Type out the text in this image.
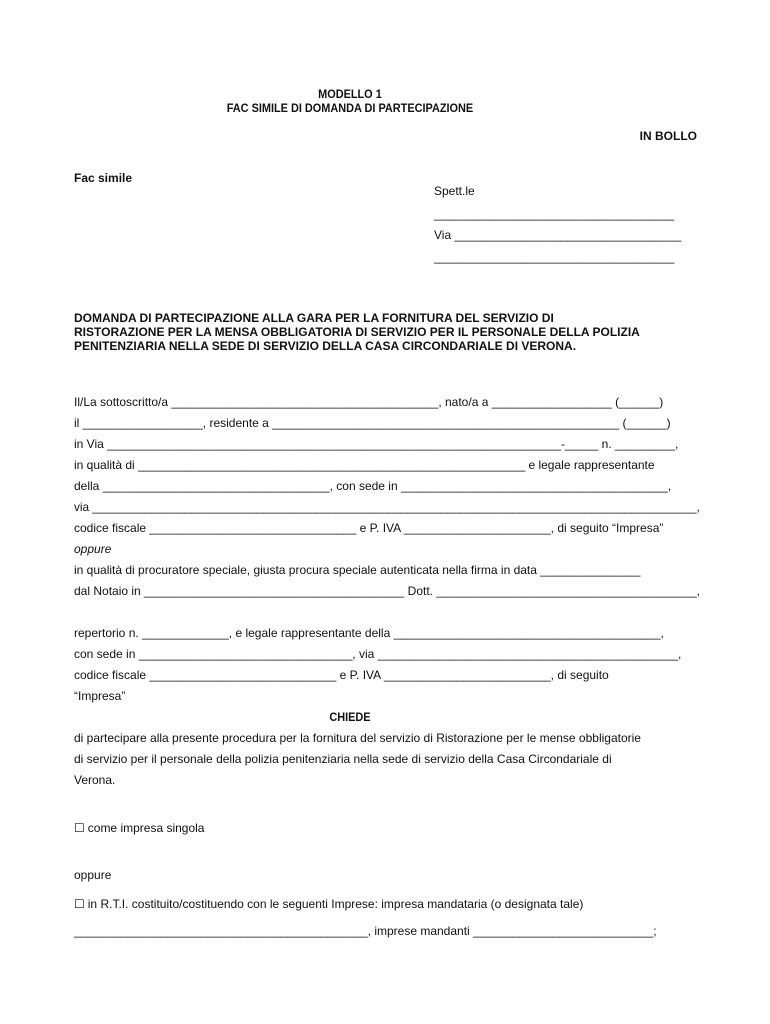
MODELLO 1
FAC SIMILE DI DOMANDA DI PARTECIPAZIONE
IN BOLLO
Fac simile
Spett.le
____________________________________
Via __________________________________
____________________________________
DOMANDA DI PARTECIPAZIONE ALLA GARA PER LA FORNITURA DEL SERVIZIO DI
RISTORAZIONE PER LA MENSA OBBLIGATORIA DI SERVIZIO PER IL PERSONALE DELLA POLIZIA
PENITENZIARIA NELLA SEDE DI SERVIZIO DELLA CASA CIRCONDARIALE DI VERONA.
Il/La sottoscritto/a ________________________________________, nato/a a __________________ (______)
il __________________, residente a ____________________________________________________ (______)
in Via ____________________________________________________________________-_____ n. _________,
in qualità di __________________________________________________________ e legale rappresentante
della __________________________________, con sede in ________________________________________,
via ____________________________________________________________________________________________,
codice fiscale _______________________________ e P. IVA ______________________, di seguito “Impresa”
oppure
in qualità di procuratore speciale, giusta procura speciale autenticata nella firma in data _______________
dal Notaio in _______________________________________ Dott. _______________________________________,
repertorio n. _____________, e legale rappresentante della ________________________________________,
con sede in ________________________________, via _____________________________________________,
codice fiscale ____________________________ e P. IVA _________________________, di seguito
“Impresa”
CHIEDE
di partecipare alla presente procedura per la fornitura del servizio di Ristorazione per le mense obbligatorie
di servizio per il personale della polizia penitenziaria nella sede di servizio della Casa Circondariale di
Verona.
☐ come impresa singola
oppure
☐ in R.T.I. costituito/costituendo con le seguenti Imprese: impresa mandataria (o designata tale)
____________________________________________, imprese mandanti ___________________________;
